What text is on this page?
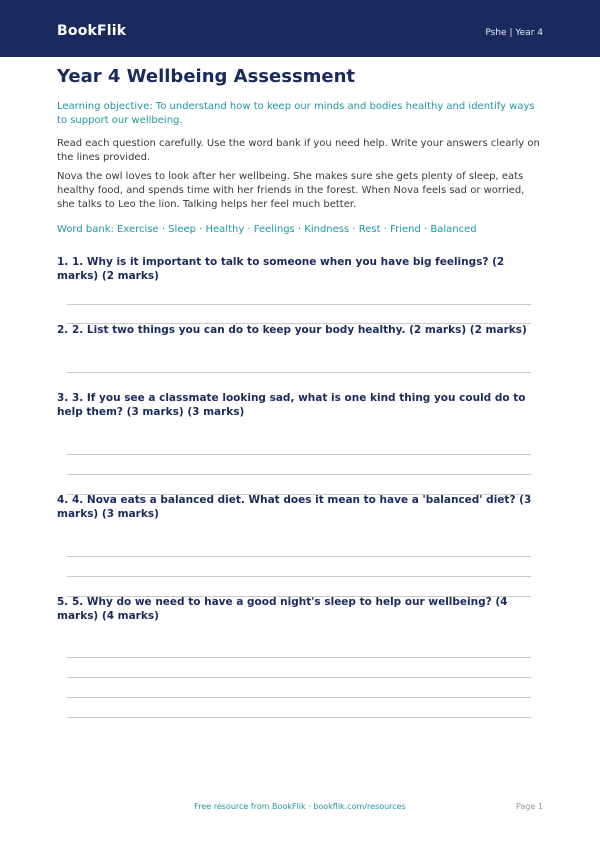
BookFlik	Pshe | Year 4
Year 4 Wellbeing Assessment
Learning objective: To understand how to keep our minds and bodies healthy and identify ways to support our wellbeing.
Read each question carefully. Use the word bank if you need help. Write your answers clearly on the lines provided.
Nova the owl loves to look after her wellbeing. She makes sure she gets plenty of sleep, eats healthy food, and spends time with her friends in the forest. When Nova feels sad or worried, she talks to Leo the lion. Talking helps her feel much better.
Word bank: Exercise · Sleep · Healthy · Feelings · Kindness · Rest · Friend · Balanced
1. 1. Why is it important to talk to someone when you have big feelings? (2 marks) (2 marks)
2. 2. List two things you can do to keep your body healthy. (2 marks) (2 marks)
3. 3. If you see a classmate looking sad, what is one kind thing you could do to help them? (3 marks) (3 marks)
4. 4. Nova eats a balanced diet. What does it mean to have a 'balanced' diet? (3 marks) (3 marks)
5. 5. Why do we need to have a good night's sleep to help our wellbeing? (4 marks) (4 marks)
Free resource from BookFlik · bookflik.com/resources	Page 1
